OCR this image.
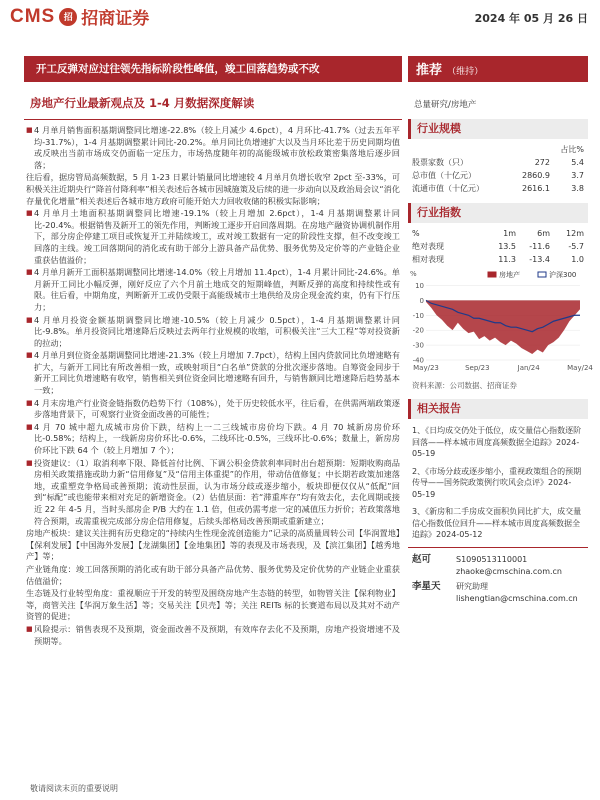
CMS 招 招商证券	2024 年 05 月 26 日
开工反弹对应过往领先指标阶段性峰值，竣工回落趋势或不改	推荐 （维持）
房地产行业最新观点及 1-4 月数据深度解读	总量研究/房地产
■ 4 月单月销售面积基期调整同比增速-22.8%（较上月减少 4.6pct），4 月环比-41.7%（过去五年平均-31.7%），1-4 月基期调整累计同比-20.2%。单月同比负增速扩大以及当月环比差于历史同期均值或反映出当前市场成交仍面临一定压力，市场热度随年初的高能级城市放松政策密集落地后逐步回落；
往后看，据房管局高频数据，5 月 1-23 日累计销量同比增速较 4 月单月负增长收窄 2pct 至-33%，可积极关注近期央行“降首付降利率”相关表述后各城市因城施策及后续的进一步动向以及政治局会议“消化存量优化增量”相关表述后各城市地方政府可能开始大力回收收储的积极实际影响；
■ 4 月单月土地面积基期调整同比增速-19.1%（较上月增加 2.6pct），1-4 月基期调整累计同比-20.4%。根据销售及新开工的领先作用，判断竣工逐步开启回落周期。在房地产融资协调机制作用下，部分房企停建工项目或恢复开工并陆续竣工，或对竣工数据有一定的阶段性支撑，但不改变竣工回落的主线。竣工回落期间的消化或有助于部分上游具备产品优势、服务优势及定价等的产业链企业重获估值溢价；
■ 4 月单月新开工面积基期调整同比增速-14.0%（较上月增加 11.4pct），1-4 月累计同比-24.6%。单月新开工同比小幅反弹，刚好反应了六个月前土地成交的短期峰值，判断反弹的高度和持续性或有限。往后看，中期角度，判断新开工或仍受限于高能级城市土地供给及房企现金流约束，仍有下行压力；
■ 4 月单月投资金额基期调整同比增速-10.5%（较上月减少 0.5pct），1-4 月基期调整累计同比-9.8%。单月投资同比增速降后反映过去两年行业规模的收缩，可积极关注“三大工程”等对投资新的拉动；
■ 4 月单月到位资金基期调整同比增速-21.3%（较上月增加 7.7pct），结构上国内贷款同比负增速略有扩大，与新开工同比有所改善相一致，或映射项目“白名单”贷款的分批次逐步落地。自筹资金同步于新开工同比负增速略有收窄，销售相关到位资金同比增速略有回升，与销售额同比增速降后趋势基本一致；
■ 4 月末房地产行业资金链指数仍趋势下行（108%），处于历史较低水平，往后看，在供需两端政策逐步落地背景下，可观察行业资金面改善的可能性；
■ 4 月 70 城中超九成城市房价下跌，结构上一二三线城市房价均下跌。4 月 70 城新房房价环比-0.58%；结构上，一线新房房价环比-0.6%，二线环比-0.5%，三线环比-0.6%；数量上，新房房价环比下跌 64 个（较上月增加 7 个）；
■ 投资建议：（1）取消利率下限、降低首付比例、下调公积金贷款利率同时出台超预期：短期收购商品房相关政策措施或助力新“信用修复”及“信用主体重提”的作用，带动估值修复；中长期若政策加速落地，或重塑竞争格局或善预期；流动性层面，认为市场分歧或逐步缩小，板块即便仅仅从“低配”回到“标配”或也能带来相对充足的新增资金。（2）估值层面：若“滞重库存”均有效去化，去化周期或接近 22 年 4-5 月，当时头部房企 P/B 大约在 1.1 倍，但或仍需考虑一定的减值压力折价；若政策落地符合预期，或需重视完成部分房企信用修复，后续头部格局改善预期或重新建立；
房地产板块：建议关注拥有历史稳定的“持续内生性现金流创造能力”记录的高质量周转公司【华润置地】【保利发展】【中国海外发展】【龙湖集团】【金地集团】等的表现及市场表现，及【滨江集团】【越秀地产】等；
产业链角度：竣工回落预期的消化或有助于部分具备产品优势、服务优势及定价优势的产业链企业重获估值溢价；
生态链及行业转型角度：重视顺应于开发的转型及围绕房地产生态链的转型，如物管关注【保利物业】等，商管关注【华润万象生活】等；交易关注【贝壳】等；关注 REITs 标的长赛道布局以及其对不动产资管的促进；
■ 风险提示：销售表现不及预期，资金面改善不及预期，有效库存去化不及预期，房地产投资增速不及预期等。
行业规模
占比%
股票家数（只）	272	5.4
总市值（十亿元）	2860.9	3.7
流通市值（十亿元）	2616.1	3.8
行业指数
%	1m	6m	12m
绝对表现	13.5	-11.6	-5.7
相对表现	11.3	-13.4	1.0
%
10
0
-10
-20
-30
-40
May/23	Sep/23	Jan/24	May/24
房地产	沪深300
资料来源：公司数据、招商证券
相关报告
1、《日均成交仍处于低位，成交量信心指数逐阶回落——样本城市周度高频数据全追踪》2024-05-19
2、《市场分歧或逐步缩小，重视政策组合的预期传导——国务院政策例行吹风会点评》2024-05-19
3、《新房和二手房成交面积负同比扩大，成交量信心指数低位回升——样本城市周度高频数据全追踪》2024-05-12
赵可	S1090513110001
zhaoke@cmschina.com.cn
李星天	研究助理
lishengtian@cmschina.com.cn
敬请阅读末页的重要说明
